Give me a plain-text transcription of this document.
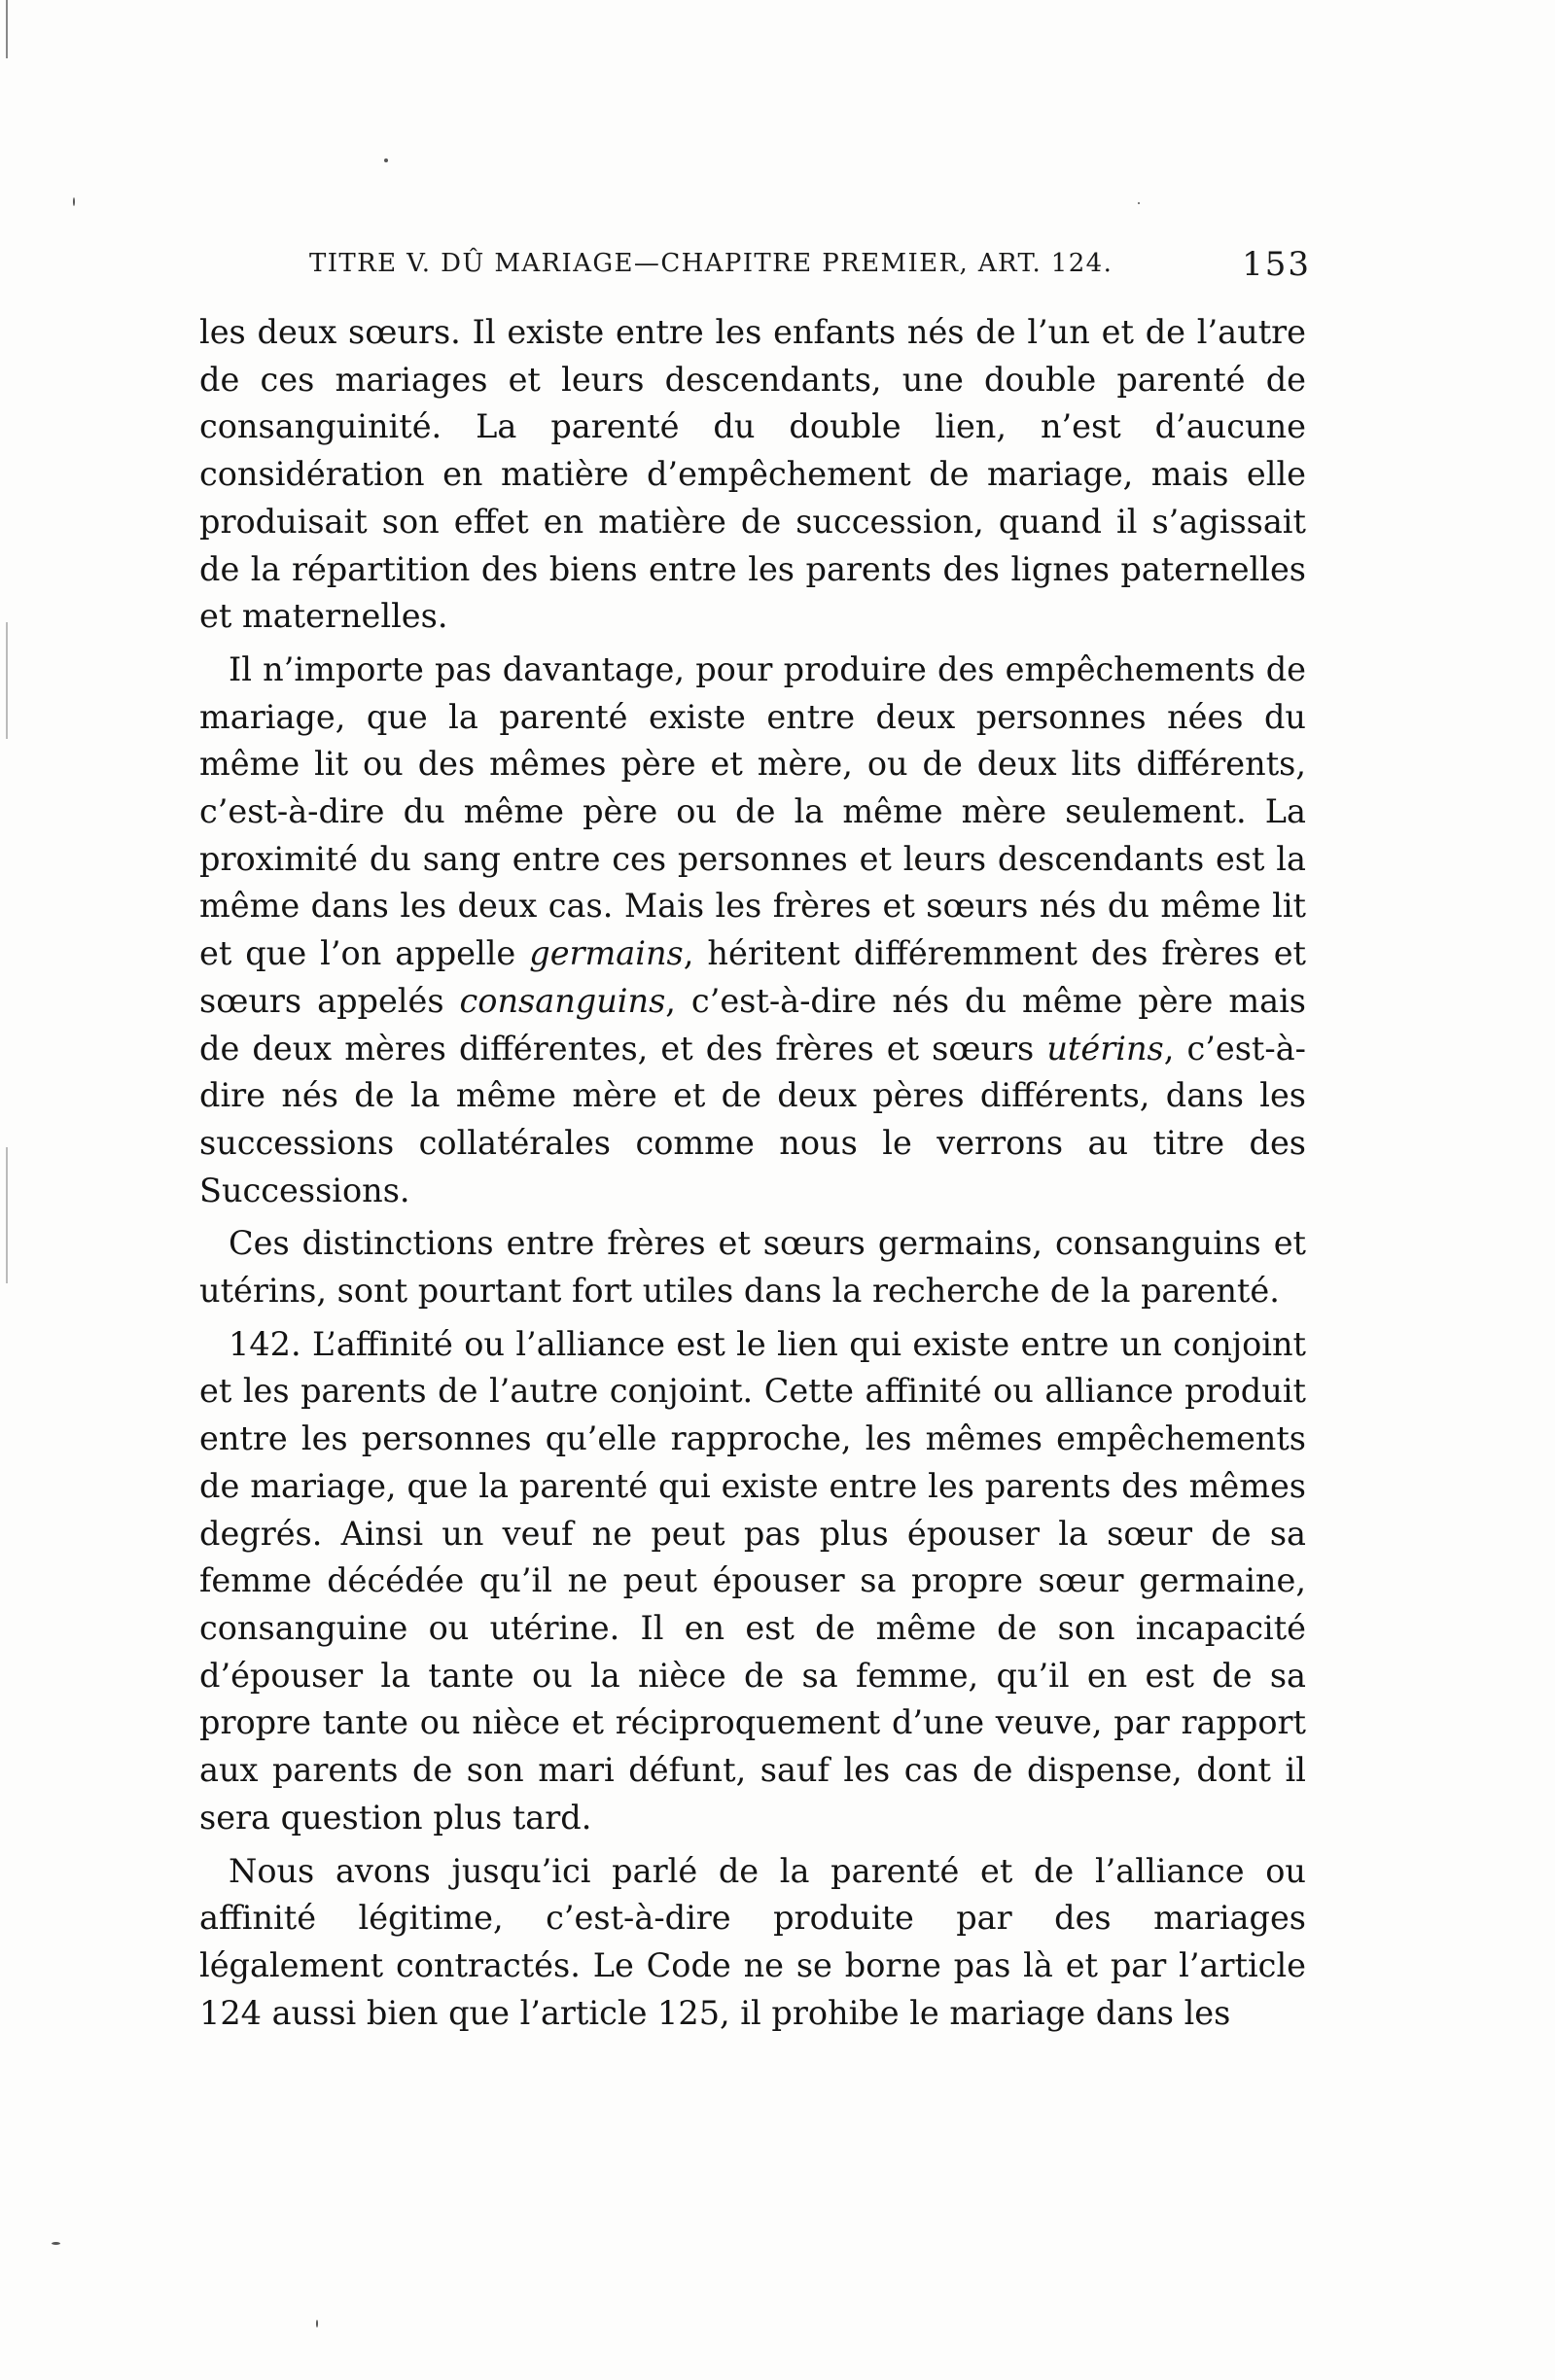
TITRE V. DÛ MARIAGE—CHAPITRE PREMIER, ART. 124.	153

les deux sœurs. Il existe entre les enfants nés de l’un et de l’autre de ces mariages et leurs descendants, une double parenté de consanguinité. La parenté du double lien, n’est d’aucune considération en matière d’empêchement de mariage, mais elle produisait son effet en matière de succession, quand il s’agissait de la répartition des biens entre les parents des lignes paternelles et maternelles.

Il n’importe pas davantage, pour produire des empêchements de mariage, que la parenté existe entre deux personnes nées du même lit ou des mêmes père et mère, ou de deux lits différents, c’est-à-dire du même père ou de la même mère seulement. La proximité du sang entre ces personnes et leurs descendants est la même dans les deux cas. Mais les frères et sœurs nés du même lit et que l’on appelle germains, héritent différemment des frères et sœurs appelés consanguins, c’est-à-dire nés du même père mais de deux mères différentes, et des frères et sœurs utérins, c’est-à-dire nés de la même mère et de deux pères différents, dans les successions collatérales comme nous le verrons au titre des Successions.

Ces distinctions entre frères et sœurs germains, consanguins et utérins, sont pourtant fort utiles dans la recherche de la parenté.

142. L’affinité ou l’alliance est le lien qui existe entre un conjoint et les parents de l’autre conjoint. Cette affinité ou alliance produit entre les personnes qu’elle rapproche, les mêmes empêchements de mariage, que la parenté qui existe entre les parents des mêmes degrés. Ainsi un veuf ne peut pas plus épouser la sœur de sa femme décédée qu’il ne peut épouser sa propre sœur germaine, consanguine ou utérine. Il en est de même de son incapacité d’épouser la tante ou la nièce de sa femme, qu’il en est de sa propre tante ou nièce et réciproquement d’une veuve, par rapport aux parents de son mari défunt, sauf les cas de dispense, dont il sera question plus tard.

Nous avons jusqu’ici parlé de la parenté et de l’alliance ou affinité légitime, c’est-à-dire produite par des mariages légalement contractés. Le Code ne se borne pas là et par l’article 124 aussi bien que l’article 125, il prohibe le mariage dans les
